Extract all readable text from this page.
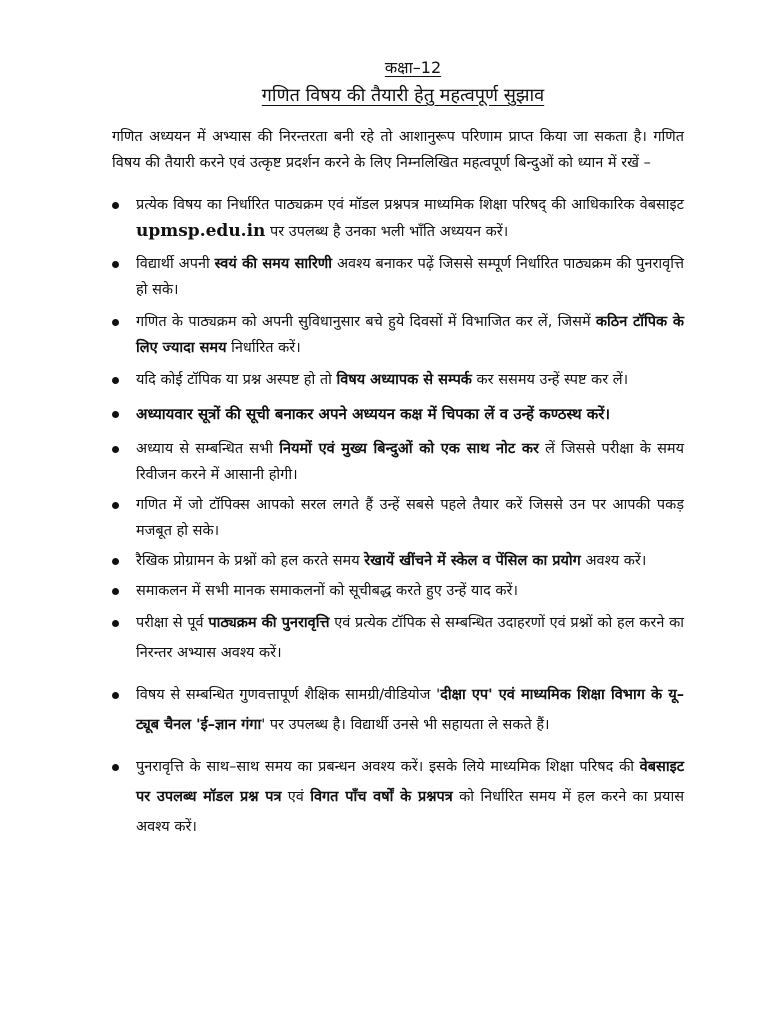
कक्षा–12
गणित विषय की तैयारी हेतु महत्वपूर्ण सुझाव

गणित अध्ययन में अभ्यास की निरन्तरता बनी रहे तो आशानुरूप परिणाम प्राप्त किया जा सकता है। गणित विषय की तैयारी करने एवं उत्कृष्ट प्रदर्शन करने के लिए निम्नलिखित महत्वपूर्ण बिन्दुओं को ध्यान में रखें –

प्रत्येक विषय का निर्धारित पाठ्यक्रम एवं मॉडल प्रश्नपत्र माध्यमिक शिक्षा परिषद् की आधिकारिक वेबसाइट upmsp.edu.in पर उपलब्ध है उनका भली भाँति अध्ययन करें।
विद्यार्थी अपनी स्वयं की समय सारिणी अवश्य बनाकर पढ़ें जिससे सम्पूर्ण निर्धारित पाठ्यक्रम की पुनरावृत्ति हो सके।
गणित के पाठ्यक्रम को अपनी सुविधानुसार बचे हुये दिवसों में विभाजित कर लें, जिसमें कठिन टॉपिक के लिए ज्यादा समय निर्धारित करें।
यदि कोई टॉपिक या प्रश्न अस्पष्ट हो तो विषय अध्यापक से सम्पर्क कर ससमय उन्हें स्पष्ट कर लें।
अध्यायवार सूत्रों की सूची बनाकर अपने अध्ययन कक्ष में चिपका लें व उन्हें कण्ठस्थ करें।
अध्याय से सम्बन्धित सभी नियमों एवं मुख्य बिन्दुओं को एक साथ नोट कर लें जिससे परीक्षा के समय रिवीजन करने में आसानी होगी।
गणित में जो टॉपिक्स आपको सरल लगते हैं उन्हें सबसे पहले तैयार करें जिससे उन पर आपकी पकड़ मजबूत हो सके।
रैखिक प्रोग्रामन के प्रश्नों को हल करते समय रेखायें खींचने में स्केल व पेंसिल का प्रयोग अवश्य करें।
समाकलन में सभी मानक समाकलनों को सूचीबद्ध करते हुए उन्हें याद करें।
परीक्षा से पूर्व पाठ्यक्रम की पुनरावृत्ति एवं प्रत्येक टॉपिक से सम्बन्धित उदाहरणों एवं प्रश्नों को हल करने का निरन्तर अभ्यास अवश्य करें।
विषय से सम्बन्धित गुणवत्तापूर्ण शैक्षिक सामग्री/वीडियोज 'दीक्षा एप' एवं माध्यमिक शिक्षा विभाग के यू–ट्यूब चैनल 'ई–ज्ञान गंगा' पर उपलब्ध है। विद्यार्थी उनसे भी सहायता ले सकते हैं।
पुनरावृत्ति के साथ–साथ समय का प्रबन्धन अवश्य करें। इसके लिये माध्यमिक शिक्षा परिषद की वेबसाइट पर उपलब्ध मॉडल प्रश्न पत्र एवं विगत पाँच वर्षों के प्रश्नपत्र को निर्धारित समय में हल करने का प्रयास अवश्य करें।
